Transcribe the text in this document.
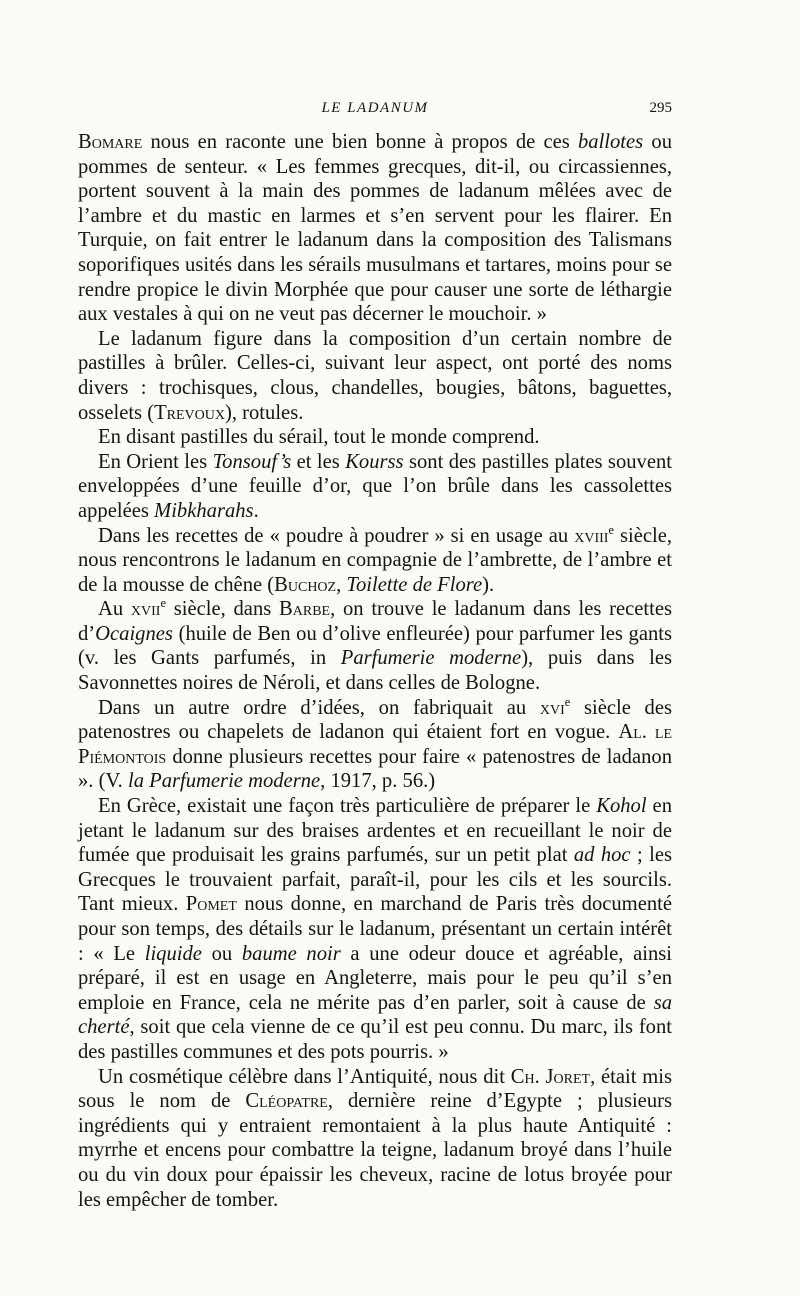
LE LADANUM	295

Bomare nous en raconte une bien bonne à propos de ces ballotes ou pommes de senteur. « Les femmes grecques, dit-il, ou circassiennes, portent souvent à la main des pommes de ladanum mêlées avec de l’ambre et du mastic en larmes et s’en servent pour les flairer. En Turquie, on fait entrer le ladanum dans la composition des Talismans soporifiques usités dans les sérails musulmans et tartares, moins pour se rendre propice le divin Morphée que pour causer une sorte de léthargie aux vestales à qui on ne veut pas décerner le mouchoir. »

Le ladanum figure dans la composition d’un certain nombre de pastilles à brûler. Celles-ci, suivant leur aspect, ont porté des noms divers : trochisques, clous, chandelles, bougies, bâtons, baguettes, osselets (Trevoux), rotules.

En disant pastilles du sérail, tout le monde comprend.

En Orient les Tonsouf’s et les Kourss sont des pastilles plates souvent enveloppées d’une feuille d’or, que l’on brûle dans les cassolettes appelées Mibkharahs.

Dans les recettes de « poudre à poudrer » si en usage au xviii$^e$ siècle, nous rencontrons le ladanum en compagnie de l’ambrette, de l’ambre et de la mousse de chêne (Buchoz, Toilette de Flore).

Au xvii$^e$ siècle, dans Barbe, on trouve le ladanum dans les recettes d’Ocaignes (huile de Ben ou d’olive enfleurée) pour parfumer les gants (v. les Gants parfumés, in Parfumerie moderne), puis dans les Savonnettes noires de Néroli, et dans celles de Bologne.

Dans un autre ordre d’idées, on fabriquait au xvi$^e$ siècle des patenostres ou chapelets de ladanon qui étaient fort en vogue. Al. le Piémontois donne plusieurs recettes pour faire « patenostres de ladanon ». (V. la Parfumerie moderne, 1917, p. 56.)

En Grèce, existait une façon très particulière de préparer le Kohol en jetant le ladanum sur des braises ardentes et en recueillant le noir de fumée que produisait les grains parfumés, sur un petit plat ad hoc ; les Grecques le trouvaient parfait, paraît-il, pour les cils et les sourcils. Tant mieux. Pomet nous donne, en marchand de Paris très documenté pour son temps, des détails sur le ladanum, présentant un certain intérêt : « Le liquide ou baume noir a une odeur douce et agréable, ainsi préparé, il est en usage en Angleterre, mais pour le peu qu’il s’en emploie en France, cela ne mérite pas d’en parler, soit à cause de sa cherté, soit que cela vienne de ce qu’il est peu connu. Du marc, ils font des pastilles communes et des pots pourris. »

Un cosmétique célèbre dans l’Antiquité, nous dit Ch. Joret, était mis sous le nom de Cléopatre, dernière reine d’Egypte ; plusieurs ingrédients qui y entraient remontaient à la plus haute Antiquité : myrrhe et encens pour combattre la teigne, ladanum broyé dans l’huile ou du vin doux pour épaissir les cheveux, racine de lotus broyée pour les empêcher de tomber.
